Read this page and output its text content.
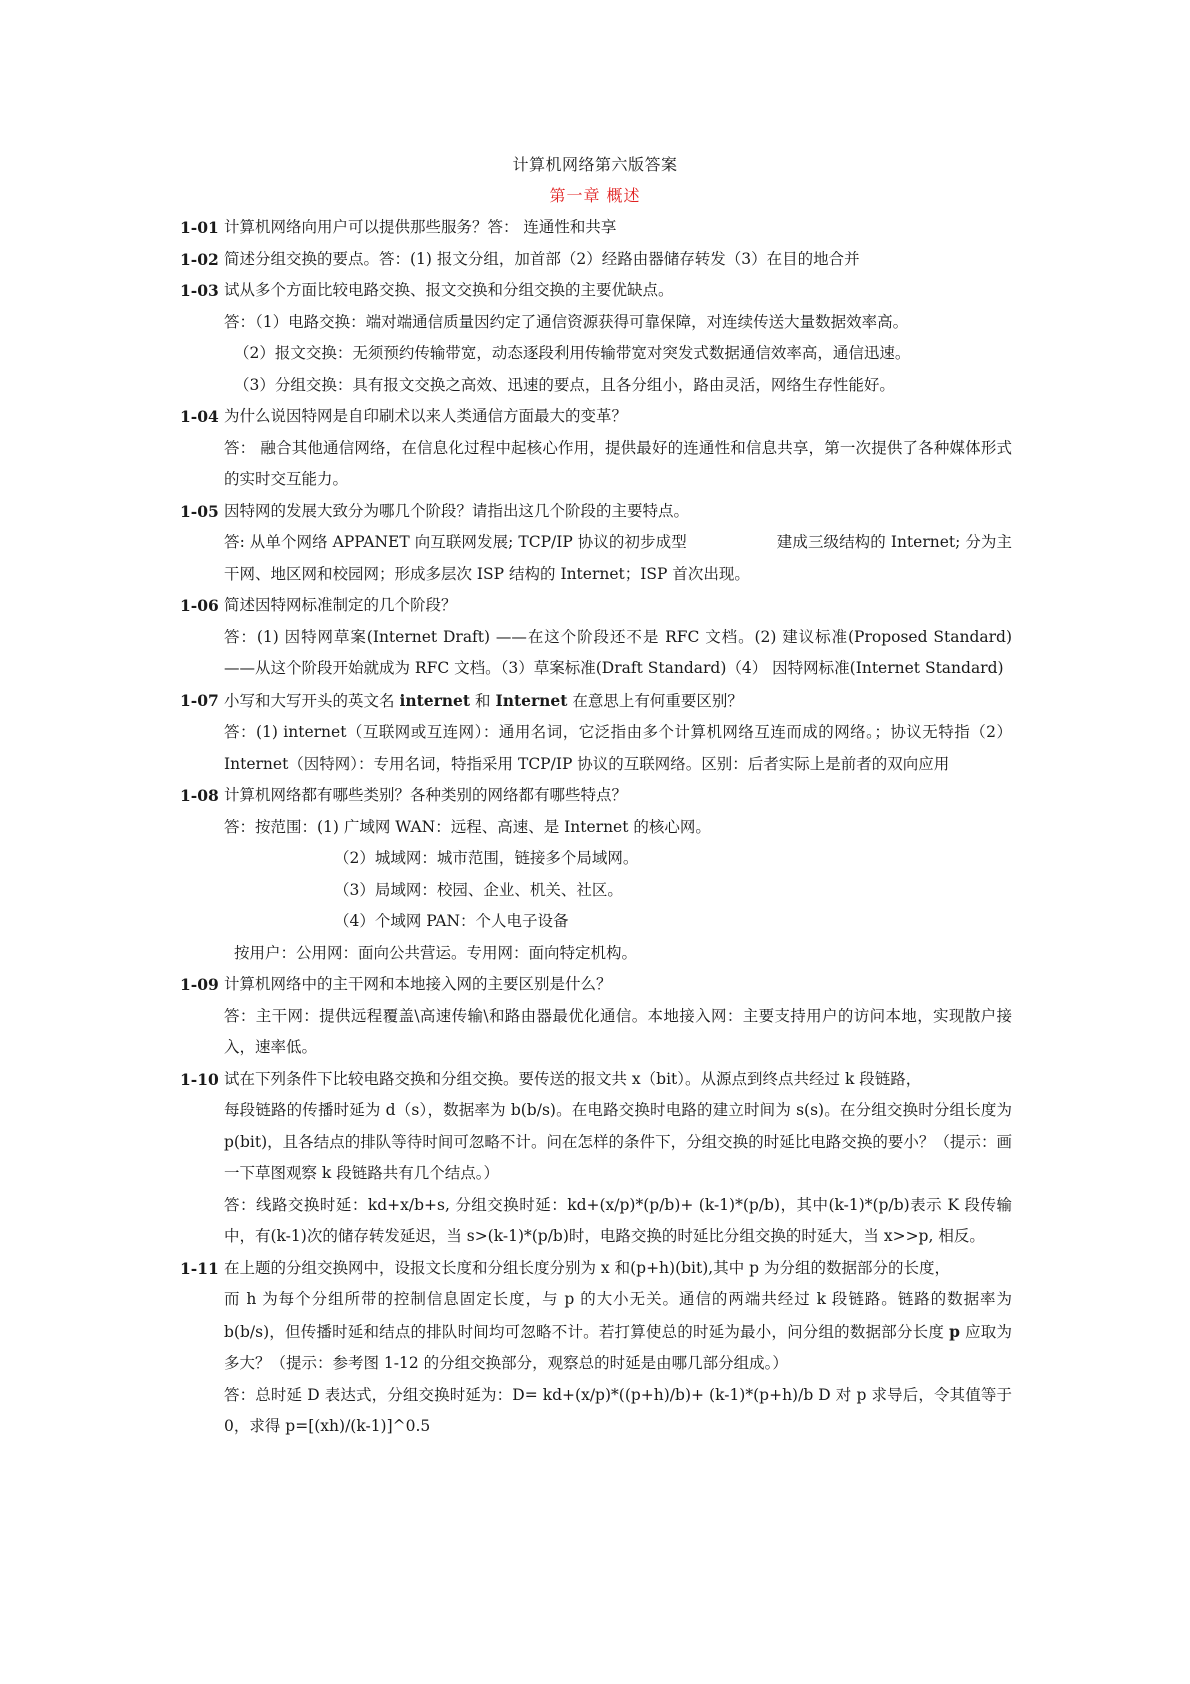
计算机网络第六版答案
第一章 概述
1-01 计算机网络向用户可以提供那些服务？答： 连通性和共享
1-02 简述分组交换的要点。答：(1) 报文分组，加首部（2）经路由器储存转发（3）在目的地合并
1-03 试从多个方面比较电路交换、报文交换和分组交换的主要优缺点。

答：（1）电路交换：端对端通信质量因约定了通信资源获得可靠保障，对连续传送大量数据效率高。

（2）报文交换：无须预约传输带宽，动态逐段利用传输带宽对突发式数据通信效率高，通信迅速。

（3）分组交换：具有报文交换之高效、迅速的要点，且各分组小，路由灵活，网络生存性能好。

1-04 为什么说因特网是自印刷术以来人类通信方面最大的变革？

答： 融合其他通信网络，在信息化过程中起核心作用，提供最好的连通性和信息共享，第一次提供了各种媒体形式的实时交互能力。

1-05 因特网的发展大致分为哪几个阶段？请指出这几个阶段的主要特点。

答: 从单个网络 APPANET 向互联网发展; TCP/IP 协议的初步成型                  建成三级结构的 Internet; 分为主干网、地区网和校园网；形成多层次 ISP 结构的 Internet；ISP 首次出现。

1-06 简述因特网标准制定的几个阶段？

答：(1) 因特网草案(Internet Draft) ——在这个阶段还不是 RFC 文档。(2) 建议标准(Proposed Standard) ——从这个阶段开始就成为 RFC 文档。（3）草案标准(Draft Standard)（4） 因特网标准(Internet Standard)

1-07 小写和大写开头的英文名 internet 和 Internet 在意思上有何重要区别？

答：(1) internet（互联网或互连网）：通用名词，它泛指由多个计算机网络互连而成的网络。；协议无特指（2）Internet（因特网）：专用名词，特指采用 TCP/IP 协议的互联网络。区别：后者实际上是前者的双向应用

1-08 计算机网络都有哪些类别？各种类别的网络都有哪些特点？

答：按范围：(1) 广域网 WAN：远程、高速、是 Internet 的核心网。

（2）城域网：城市范围，链接多个局域网。

（3）局域网：校园、企业、机关、社区。

（4）个域网 PAN：个人电子设备

按用户：公用网：面向公共营运。专用网：面向特定机构。

1-09 计算机网络中的主干网和本地接入网的主要区别是什么？

答：主干网：提供远程覆盖\高速传输\和路由器最优化通信。本地接入网：主要支持用户的访问本地，实现散户接入，速率低。

1-10 试在下列条件下比较电路交换和分组交换。要传送的报文共 x（bit）。从源点到终点共经过 k 段链路，

每段链路的传播时延为 d（s），数据率为 b(b/s)。在电路交换时电路的建立时间为 s(s)。在分组交换时分组长度为 p(bit)，且各结点的排队等待时间可忽略不计。问在怎样的条件下，分组交换的时延比电路交换的要小？（提示：画一下草图观察 k 段链路共有几个结点。）

答：线路交换时延：kd+x/b+s, 分组交换时延：kd+(x/p)*(p/b)+ (k-1)*(p/b)，其中(k-1)*(p/b)表示 K 段传输中，有(k-1)次的储存转发延迟，当 s>(k-1)*(p/b)时，电路交换的时延比分组交换的时延大，当 x>>p, 相反。

1-11 在上题的分组交换网中，设报文长度和分组长度分别为 x 和(p+h)(bit),其中 p 为分组的数据部分的长度，

而 h 为每个分组所带的控制信息固定长度，与 p 的大小无关。通信的两端共经过 k 段链路。链路的数据率为 b(b/s)，但传播时延和结点的排队时间均可忽略不计。若打算使总的时延为最小，问分组的数据部分长度 p 应取为多大？（提示：参考图 1-12 的分组交换部分，观察总的时延是由哪几部分组成。）

答：总时延 D 表达式，分组交换时延为：D= kd+(x/p)*((p+h)/b)+ (k-1)*(p+h)/b D 对 p 求导后，令其值等于 0，求得 p=[(xh)/(k-1)]^0.5
